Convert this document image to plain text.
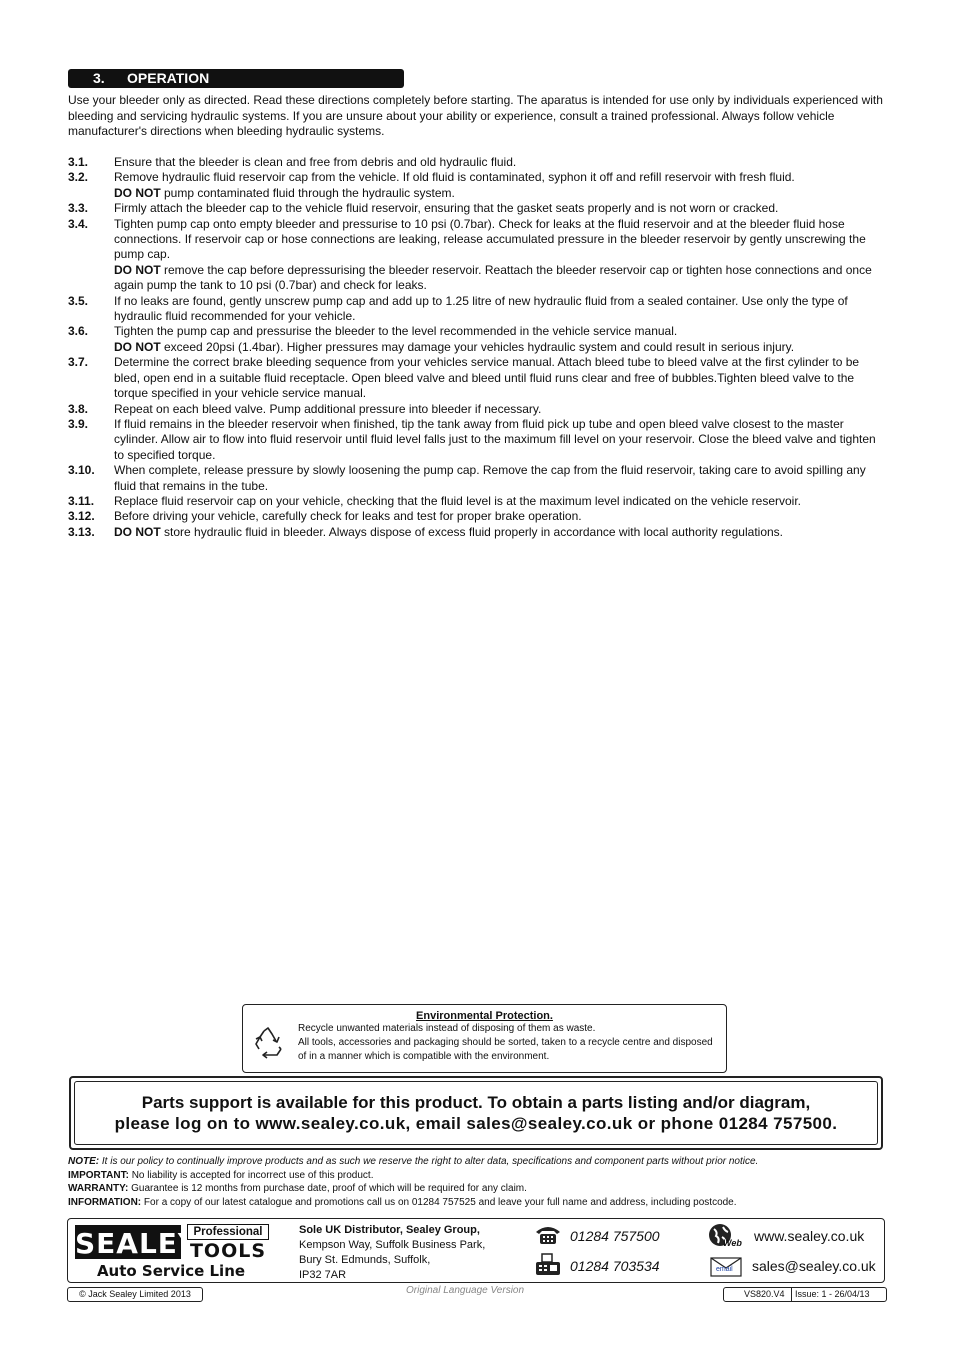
3. OPERATION
Use your bleeder only as directed. Read these directions completely before starting. The aparatus is intended for use only by individuals experienced with bleeding and servicing hydraulic systems. If you are unsure about your ability or experience, consult a trained professional. Always follow vehicle manufacturer's directions when bleeding hydraulic systems.
3.1.	Ensure that the bleeder is clean and free from debris and old hydraulic fluid.
3.2.	Remove hydraulic fluid reservoir cap from the vehicle. If old fluid is contaminated, syphon it off and refill reservoir with fresh fluid.
DO NOT pump contaminated fluid through the hydraulic system.
3.3.	Firmly attach the bleeder cap to the vehicle fluid reservoir, ensuring that the gasket seats properly and is not worn or cracked.
3.4.	Tighten pump cap onto empty bleeder and pressurise to 10 psi (0.7bar). Check for leaks at the fluid reservoir and at the bleeder fluid hose connections. If reservoir cap or hose connections are leaking, release accumulated pressure in the bleeder reservoir by gently unscrewing the pump cap.
DO NOT remove the cap before depressurising the bleeder reservoir. Reattach the bleeder reservoir cap or tighten hose connections and once again pump the tank to 10 psi (0.7bar) and check for leaks.
3.5.	If no leaks are found, gently unscrew pump cap and add up to 1.25 litre of new hydraulic fluid from a sealed container. Use only the type of hydraulic fluid recommended for your vehicle.
3.6.	Tighten the pump cap and pressurise the bleeder to the level recommended in the vehicle service manual.
DO NOT exceed 20psi (1.4bar). Higher pressures may damage your vehicles hydraulic system and could result in serious injury.
3.7.	Determine the correct brake bleeding sequence from your vehicles service manual. Attach bleed tube to bleed valve at the first cylinder to be bled, open end in a suitable fluid receptacle. Open bleed valve and bleed until fluid runs clear and free of bubbles.Tighten bleed valve to the torque specified in your vehicle service manual.
3.8.	Repeat on each bleed valve. Pump additional pressure into bleeder if necessary.
3.9.	If fluid remains in the bleeder reservoir when finished, tip the tank away from fluid pick up tube and open bleed valve closest to the master cylinder. Allow air to flow into fluid reservoir until fluid level falls just to the maximum fill level on your reservoir. Close the bleed valve and tighten to specified torque.
3.10.	When complete, release pressure by slowly loosening the pump cap. Remove the cap from the fluid reservoir, taking care to avoid spilling any fluid that remains in the tube.
3.11.	Replace fluid reservoir cap on your vehicle, checking that the fluid level is at the maximum level indicated on the vehicle reservoir.
3.12.	Before driving your vehicle, carefully check for leaks and test for proper brake operation.
3.13.	DO NOT store hydraulic fluid in bleeder. Always dispose of excess fluid properly in accordance with local authority regulations.
Environmental Protection.
Recycle unwanted materials instead of disposing of them as waste.
All tools, accessories and packaging should be sorted, taken to a recycle centre and disposed of in a manner which is compatible with the environment.
Parts support is available for this product. To obtain a parts listing and/or diagram,
please log on to www.sealey.co.uk, email sales@sealey.co.uk or phone 01284 757500.
NOTE: It is our policy to continually improve products and as such we reserve the right to alter data, specifications and component parts without prior notice.
IMPORTANT: No liability is accepted for incorrect use of this product.
WARRANTY: Guarantee is 12 months from purchase date, proof of which will be required for any claim.
INFORMATION: For a copy of our latest catalogue and promotions call us on 01284 757525 and leave your full name and address, including postcode.
SEALEY
Professional
TOOLS
Auto Service Line
Sole UK Distributor, Sealey Group,
Kempson Way, Suffolk Business Park,
Bury St. Edmunds, Suffolk,
IP32 7AR
01284 757500
01284 703534
Web www.sealey.co.uk
email sales@sealey.co.uk
© Jack Sealey Limited 2013	Original Language Version	VS820.V4 Issue: 1 - 26/04/13
